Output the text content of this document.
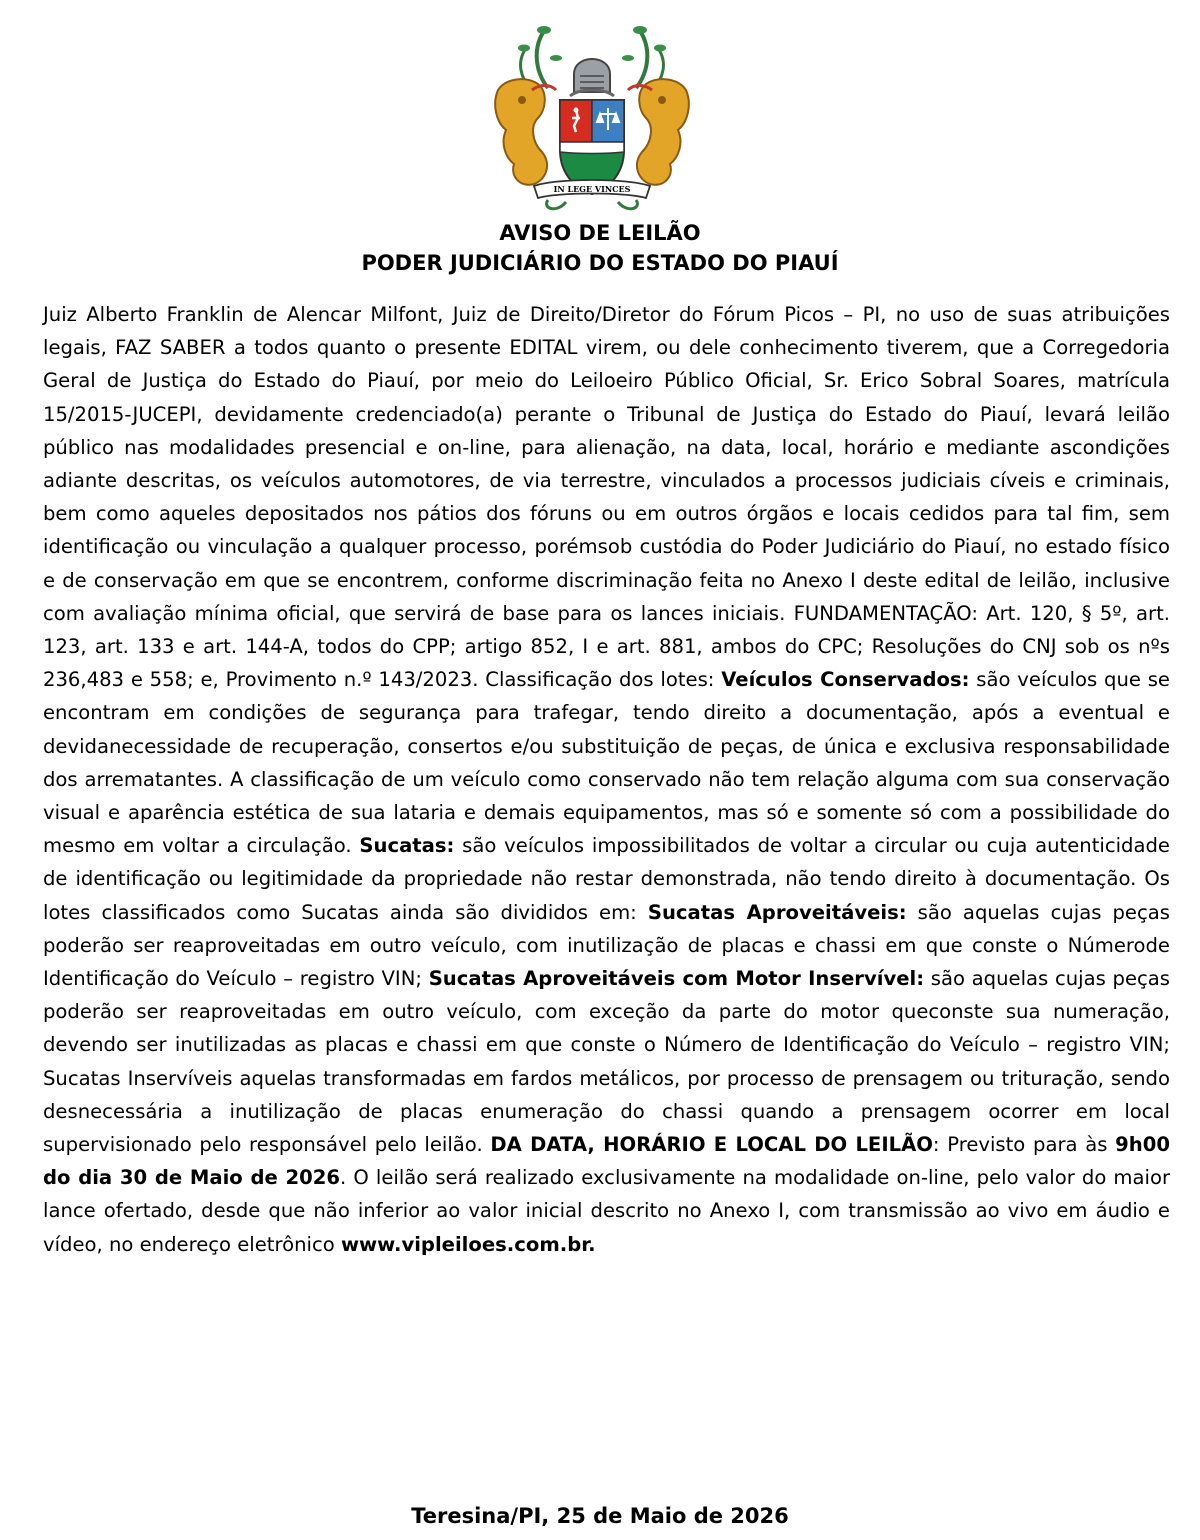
IN LEGE VINCES
AVISO DE LEILÃO
PODER JUDICIÁRIO DO ESTADO DO PIAUÍ
Juiz Alberto Franklin de Alencar Milfont, Juiz de Direito/Diretor do Fórum Picos – PI, no uso de suas atribuições legais, FAZ SABER a todos quanto o presente EDITAL virem, ou dele conhecimento tiverem, que a Corregedoria Geral de Justiça do Estado do Piauí, por meio do Leiloeiro Público Oficial, Sr. Erico Sobral Soares, matrícula 15/2015-JUCEPI, devidamente credenciado(a) perante o Tribunal de Justiça do Estado do Piauí, levará leilão público nas modalidades presencial e on-line, para alienação, na data, local, horário e mediante ascondições adiante descritas, os veículos automotores, de via terrestre, vinculados a processos judiciais cíveis e criminais, bem como aqueles depositados nos pátios dos fóruns ou em outros órgãos e locais cedidos para tal fim, sem identificação ou vinculação a qualquer processo, porémsob custódia do Poder Judiciário do Piauí, no estado físico e de conservação em que se encontrem, conforme discriminação feita no Anexo I deste edital de leilão, inclusive com avaliação mínima oficial, que servirá de base para os lances iniciais. FUNDAMENTAÇÃO: Art. 120, § 5º, art. 123, art. 133 e art. 144-A, todos do CPP; artigo 852, I e art. 881, ambos do CPC; Resoluções do CNJ sob os nºs 236,483 e 558; e, Provimento n.º 143/2023. Classificação dos lotes: Veículos Conservados: são veículos que se encontram em condições de segurança para trafegar, tendo direito a documentação, após a eventual e devidanecessidade de recuperação, consertos e/ou substituição de peças, de única e exclusiva responsabilidade dos arrematantes. A classificação de um veículo como conservado não tem relação alguma com sua conservação visual e aparência estética de sua lataria e demais equipamentos, mas só e somente só com a possibilidade do mesmo em voltar a circulação. Sucatas: são veículos impossibilitados de voltar a circular ou cuja autenticidade de identificação ou legitimidade da propriedade não restar demonstrada, não tendo direito à documentação. Os lotes classificados como Sucatas ainda são divididos em: Sucatas Aproveitáveis: são aquelas cujas peças poderão ser reaproveitadas em outro veículo, com inutilização de placas e chassi em que conste o Númerode Identificação do Veículo – registro VIN; Sucatas Aproveitáveis com Motor Inservível: são aquelas cujas peças poderão ser reaproveitadas em outro veículo, com exceção da parte do motor queconste sua numeração, devendo ser inutilizadas as placas e chassi em que conste o Número de Identificação do Veículo – registro VIN; Sucatas Inservíveis aquelas transformadas em fardos metálicos, por processo de prensagem ou trituração, sendo desnecessária a inutilização de placas enumeração do chassi quando a prensagem ocorrer em local supervisionado pelo responsável pelo leilão. DA DATA, HORÁRIO E LOCAL DO LEILÃO: Previsto para às 9h00 do dia 30 de Maio de 2026. O leilão será realizado exclusivamente na modalidade on-line, pelo valor do maior lance ofertado, desde que não inferior ao valor inicial descrito no Anexo I, com transmissão ao vivo em áudio e vídeo, no endereço eletrônico www.vipleiloes.com.br.
Teresina/PI, 25 de Maio de 2026
